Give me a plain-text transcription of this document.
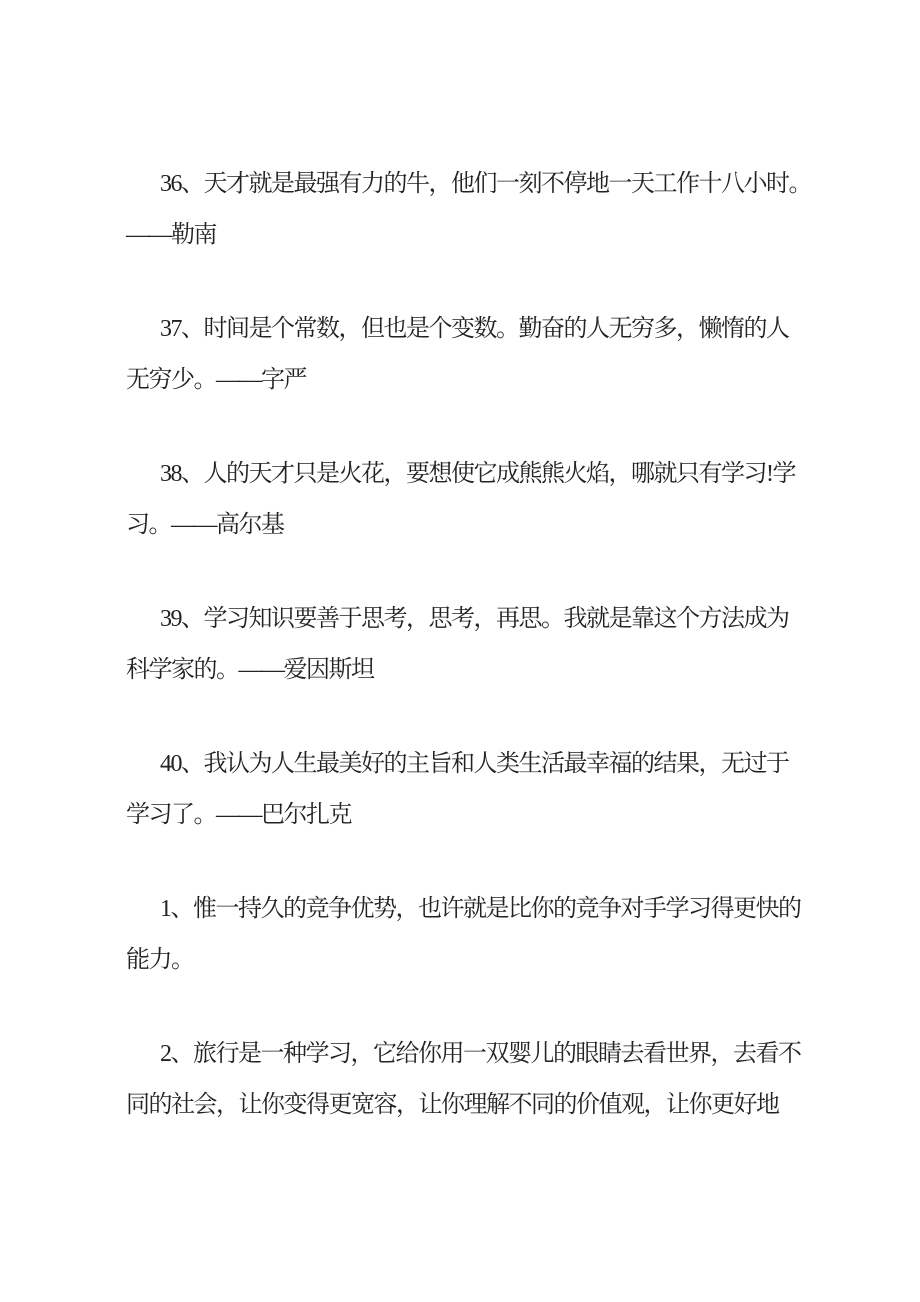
36、天才就是最强有力的牛，他们一刻不停地一天工作十八小时。
——勒南
37、时间是个常数，但也是个变数。勤奋的人无穷多，懒惰的人
无穷少。——字严
38、人的天才只是火花，要想使它成熊熊火焰，哪就只有学习!学
习。——高尔基
39、学习知识要善于思考，思考，再思。我就是靠这个方法成为
科学家的。——爱因斯坦
40、我认为人生最美好的主旨和人类生活最幸福的结果，无过于
学习了。——巴尔扎克
1、惟一持久的竞争优势，也许就是比你的竞争对手学习得更快的
能力。
2、旅行是一种学习，它给你用一双婴儿的眼睛去看世界，去看不
同的社会，让你变得更宽容，让你理解不同的价值观，让你更好地
